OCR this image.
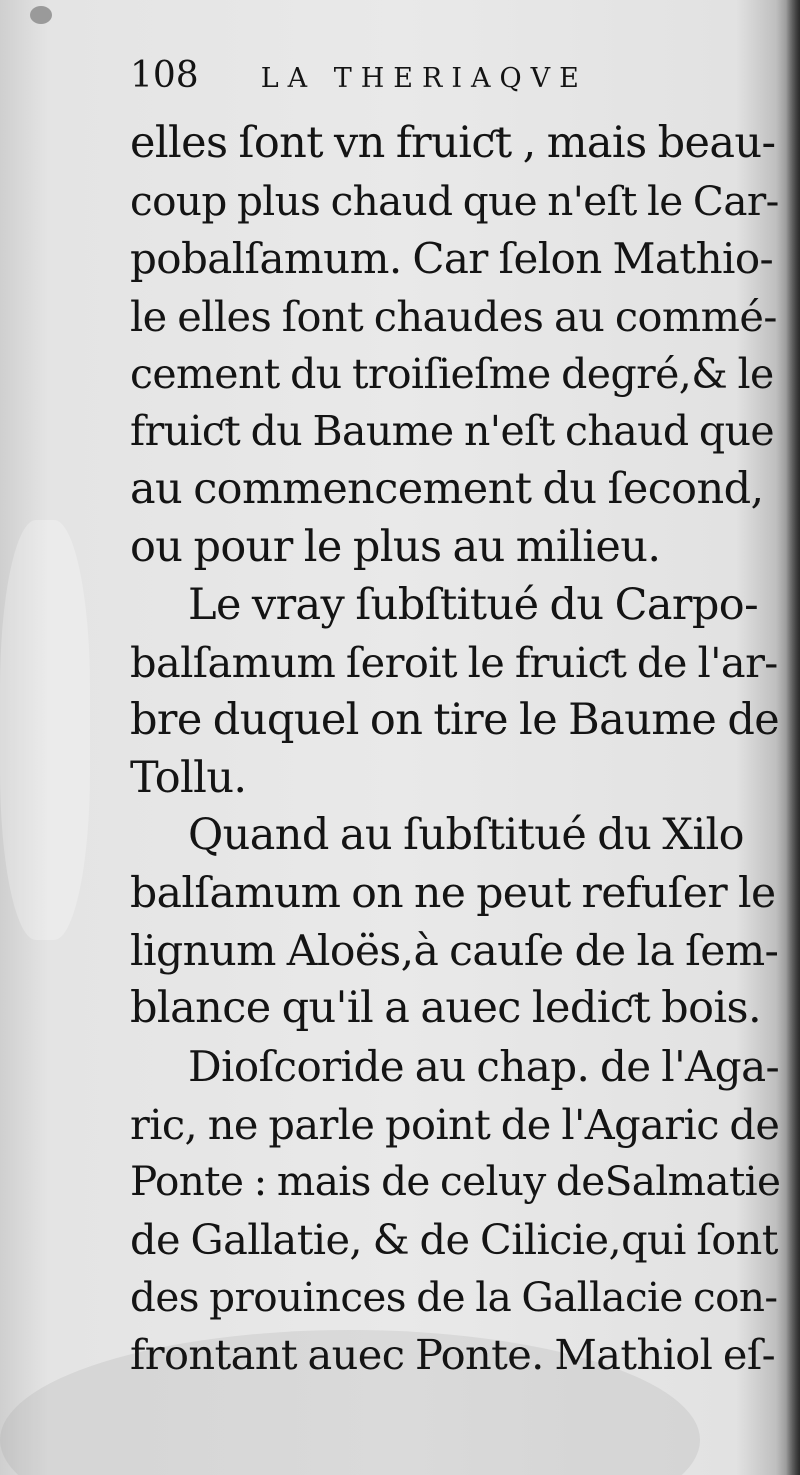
108 LA THERIAQVE
elles ſont vn fruiƈt , mais beau-
coup plus chaud que n'eſt le Car-
pobalſamum. Car ſelon Mathio-
le elles ſont chaudes au commé-
cement du troiſieſme degré,& le
fruiƈt du Baume n'eſt chaud que
au commencement du ſecond,
ou pour le plus au milieu.
Le vray ſubſtitué du Carpo-
balſamum ſeroit le fruiƈt de l'ar-
bre duquel on tire le Baume de
Tollu.
Quand au ſubſtitué du Xilo
balſamum on ne peut refuſer le
lignum Aloës,à cauſe de la ſem-
blance qu'il a auec lediƈt bois.
Dioſcoride au chap. de l'Aga-
ric, ne parle point de l'Agaric de
Ponte : mais de celuy deSalmatie
de Gallatie, & de Cilicie,qui ſont
des prouinces de la Gallacie con-
frontant auec Ponte. Mathiol eſ-
